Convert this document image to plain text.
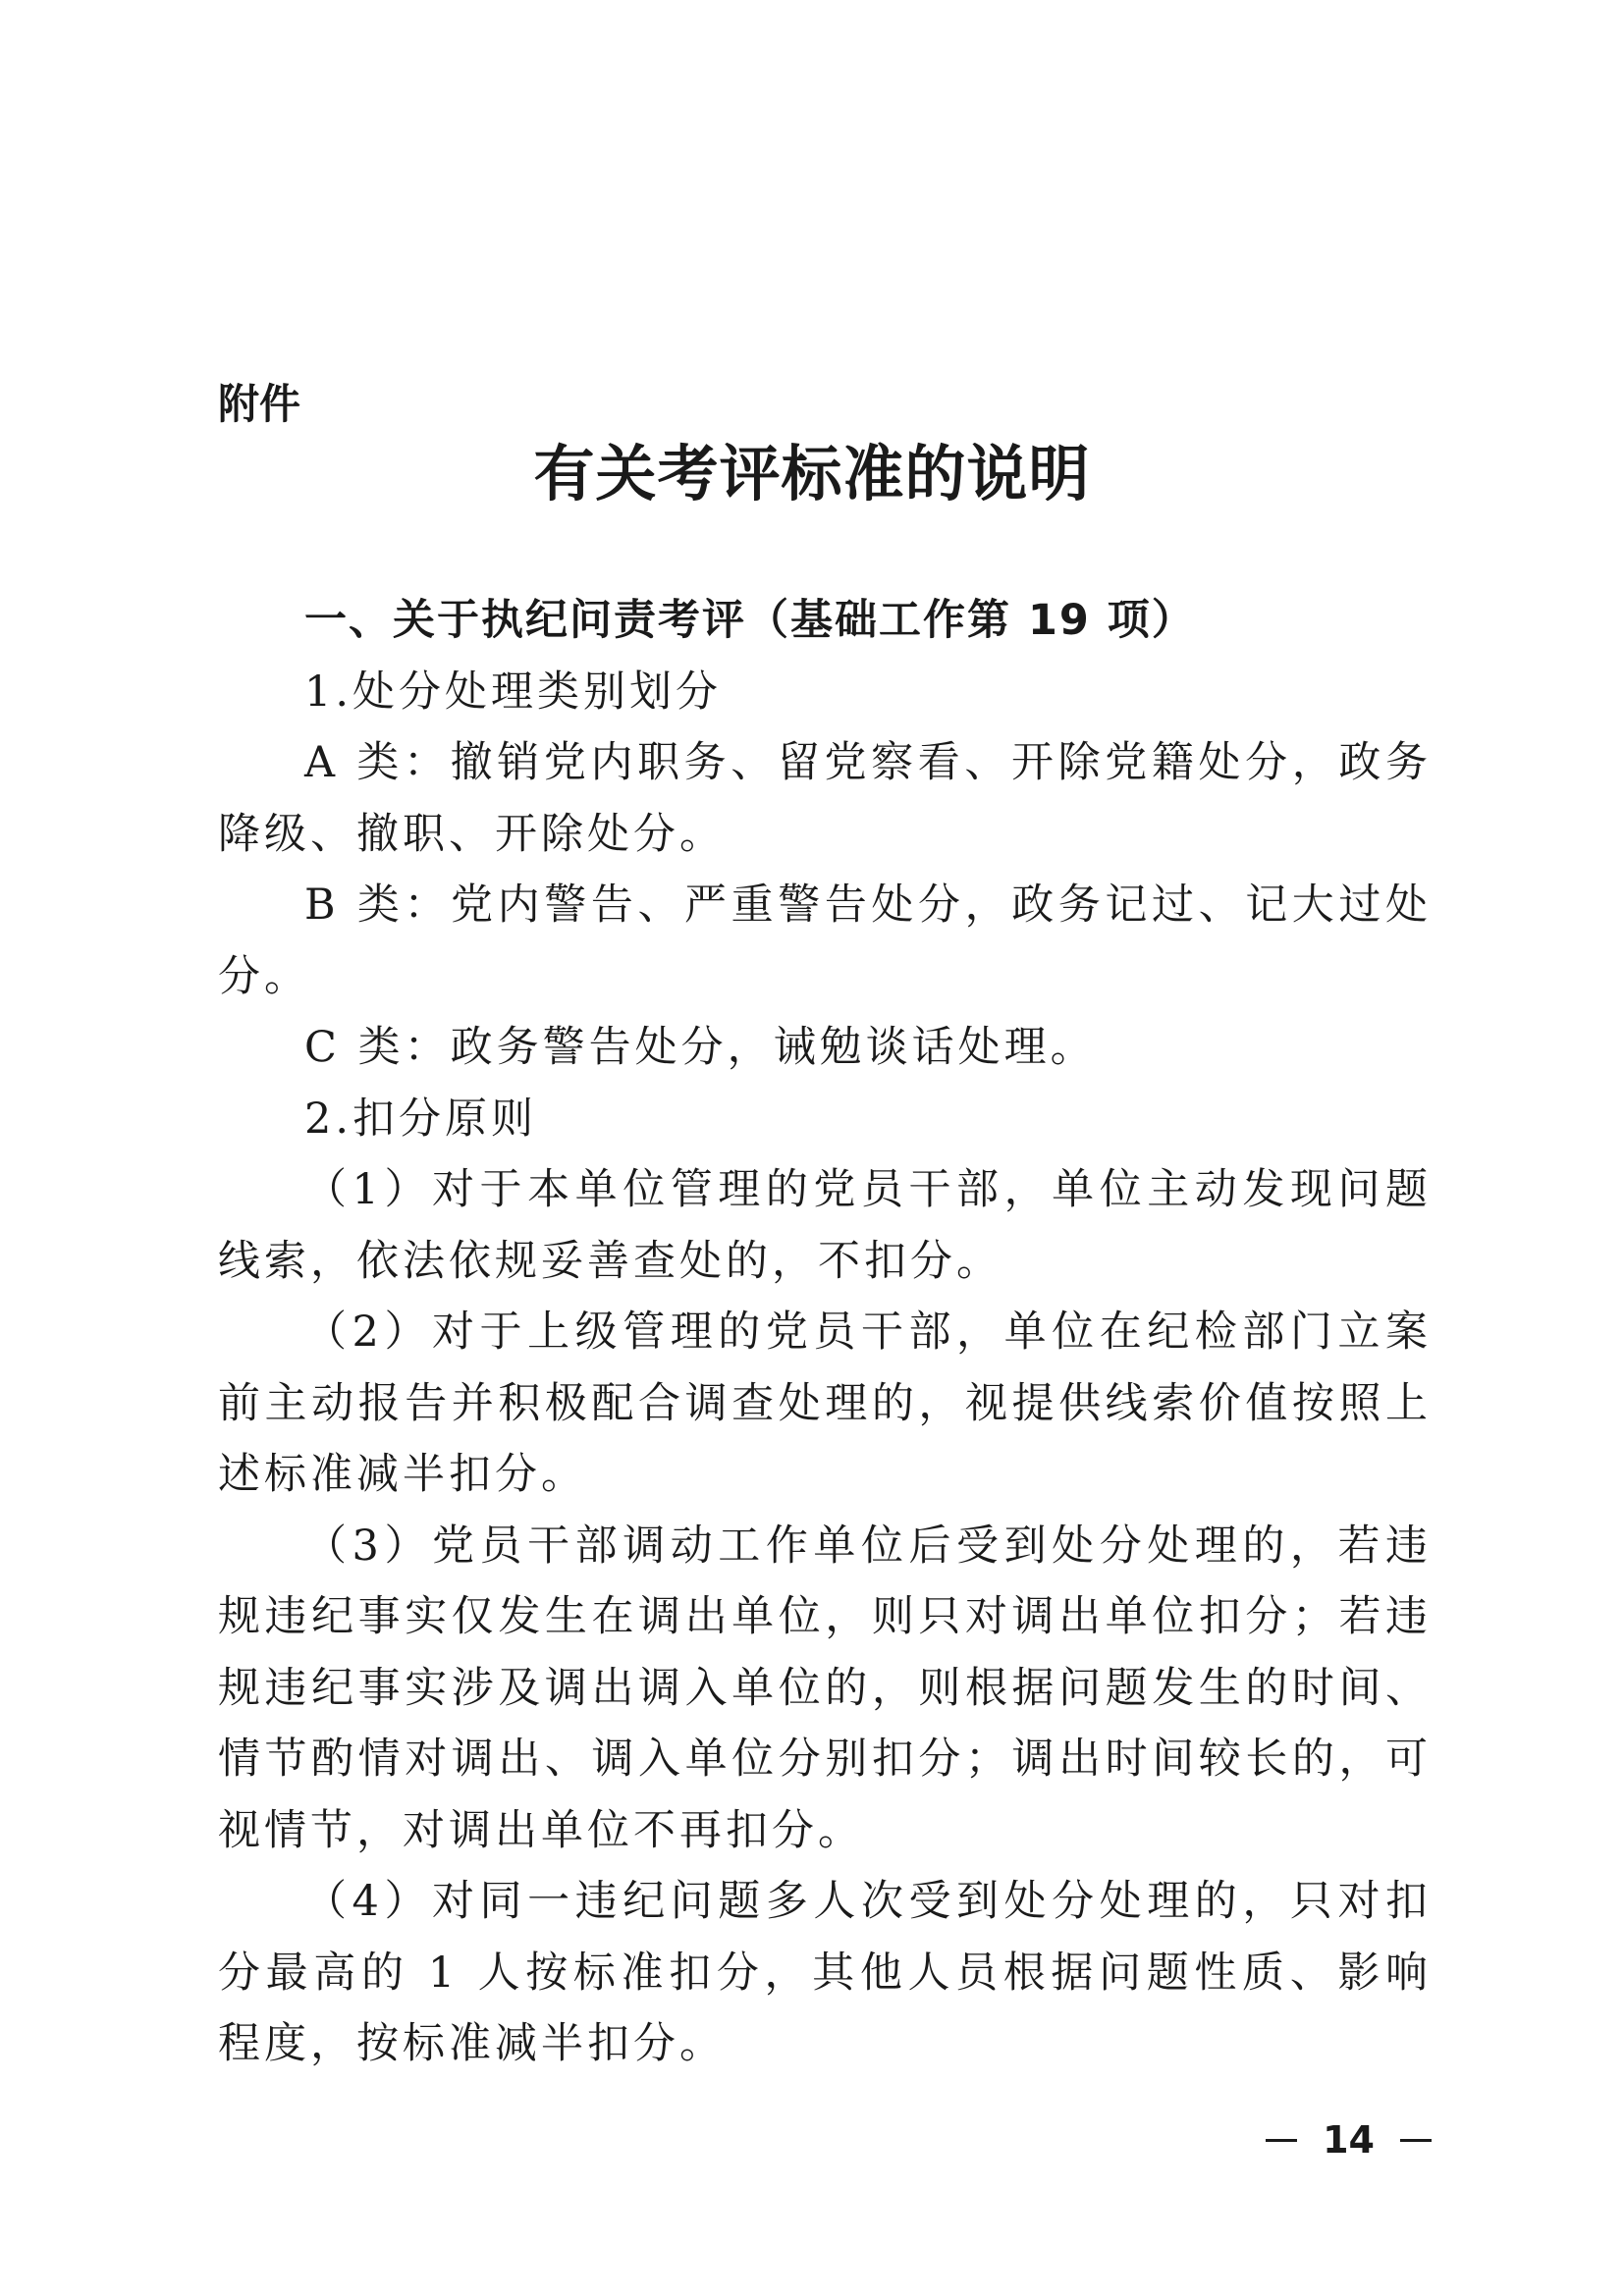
附件
有关考评标准的说明

一、关于执纪问责考评（基础工作第 19 项）

1.处分处理类别划分

A 类：撤销党内职务、留党察看、开除党籍处分，政务降级、撤职、开除处分。

B 类：党内警告、严重警告处分，政务记过、记大过处分。

C 类：政务警告处分，诫勉谈话处理。

2.扣分原则

（1）对于本单位管理的党员干部，单位主动发现问题线索，依法依规妥善查处的，不扣分。

（2）对于上级管理的党员干部，单位在纪检部门立案前主动报告并积极配合调查处理的，视提供线索价值按照上述标准减半扣分。

（3）党员干部调动工作单位后受到处分处理的，若违规违纪事实仅发生在调出单位，则只对调出单位扣分；若违规违纪事实涉及调出调入单位的，则根据问题发生的时间、情节酌情对调出、调入单位分别扣分；调出时间较长的，可视情节，对调出单位不再扣分。

（4）对同一违纪问题多人次受到处分处理的，只对扣分最高的 1 人按标准扣分，其他人员根据问题性质、影响程度，按标准减半扣分。

14
